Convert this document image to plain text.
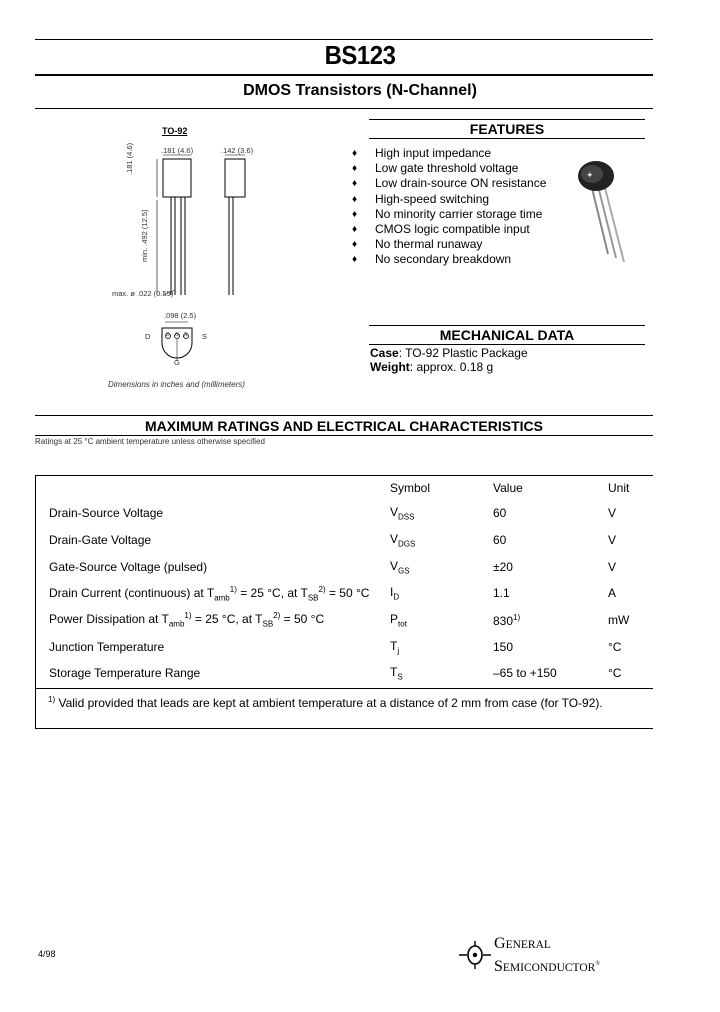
BS123
DMOS Transistors (N-Channel)
TO-92
.181 (4.6)	.142 (3.6)
.181 (4.6)
min. .492 (12.5)
max. ø .022 (0.55)
.098 (2.5)
D	S
G
D G S
Dimensions in inches and (millimeters)
FEATURES
♦	High input impedance
♦	Low gate threshold voltage
♦	Low drain-source ON resistance
♦	High-speed switching
♦	No minority carrier storage time
♦	CMOS logic compatible input
♦	No thermal runaway
♦	No secondary breakdown
✦
MECHANICAL DATA
Case: TO-92 Plastic Package
Weight: approx. 0.18 g
MAXIMUM RATINGS AND ELECTRICAL CHARACTERISTICS
Ratings at 25 °C ambient temperature unless otherwise specified
	Symbol	Value	Unit
Drain-Source Voltage	$V_{DSS}$	60	V
Drain-Gate Voltage	$V_{DGS}$	60	V
Gate-Source Voltage (pulsed)	$V_{GS}$	±20	V
Drain Current (continuous) at $T_{amb}^{1)} = 25$ °C, at $T_{SB}^{2)} = 50$ °C	$I_D$	1.1	A
Power Dissipation at $T_{amb}^{1)} = 25$ °C, at $T_{SB}^{2)} = 50$ °C	$P_{tot}$	830$^{1)}$	mW
Junction Temperature	$T_j$	150	°C
Storage Temperature Range	$T_S$	–65 to +150	°C
$^{1)}$ Valid provided that leads are kept at ambient temperature at a distance of 2 mm from case (for TO-92).
4/98
GENERAL
SEMICONDUCTOR®
